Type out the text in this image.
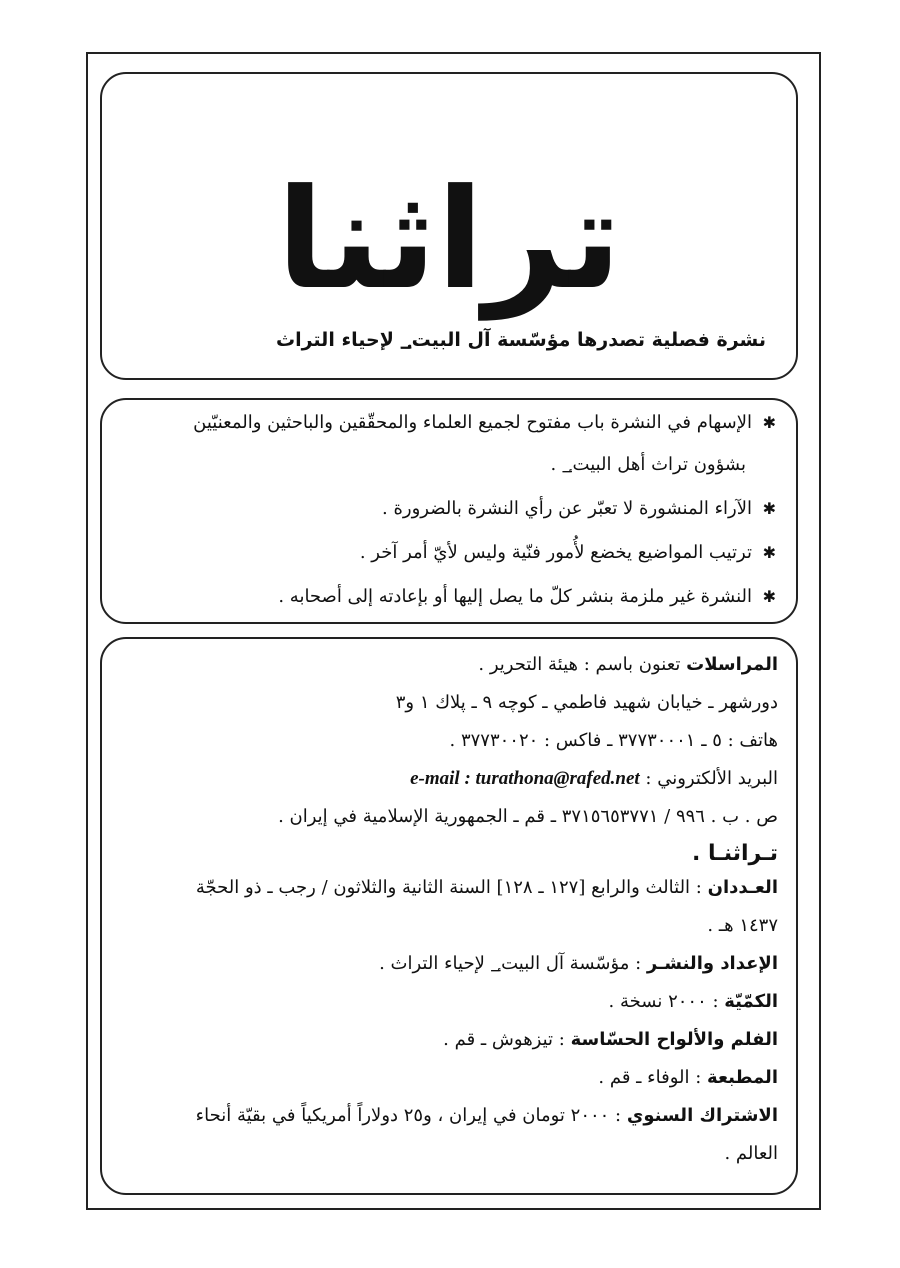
تراثنا
نشرة فصلية تصدرها مؤسّسة آل البيت؀ لإحياء التراث
✱
الإسهام في النشرة باب مفتوح لجميع العلماء والمحقّقين والباحثين والمعنيّين
بشؤون تراث أهل البيت؀ .
✱
الآراء المنشورة لا تعبّر عن رأي النشرة بالضرورة .
✱
ترتيب المواضيع يخضع لأُمور فنّية وليس لأيّ أمر آخر .
✱
النشرة غير ملزمة بنشر كلّ ما يصل إليها أو بإعادته إلى أصحابه .
المراسلات تعنون باسم : هيئة التحرير .
دورشهر ـ خيابان شهيد فاطمي ـ كوچه ٩ ـ پلاك ١ و٣
هاتف : ٥ ـ ٣٧٧٣٠٠٠١ ـ فاكس : ٣٧٧٣٠٠٢٠ .
البريد الألكتروني : e-mail : turathona@rafed.net
ص . ب . ٩٩٦ / ٣٧١٥٦٥٣٧٧١ ـ قم ـ الجمهورية الإسلامية في إيران .
تـراثنـا .
العـددان : الثالث والرابع [١٢٧ ـ ١٢٨] السنة الثانية والثلاثون / رجب ـ ذو الحجّة
١٤٣٧ هـ .
الإعداد والنشـر : مؤسّسة آل البيت؀ لإحياء التراث .
الكمّيّة : ٢٠٠٠ نسخة .
الفلم والألواح الحسّاسة : تيزهوش ـ قم .
المطبعة : الوفاء ـ قم .
الاشتراك السنوي : ٢٠٠٠ تومان في إيران ، و٢٥ دولاراً أمريكياً في بقيّة أنحاء
العالم .
